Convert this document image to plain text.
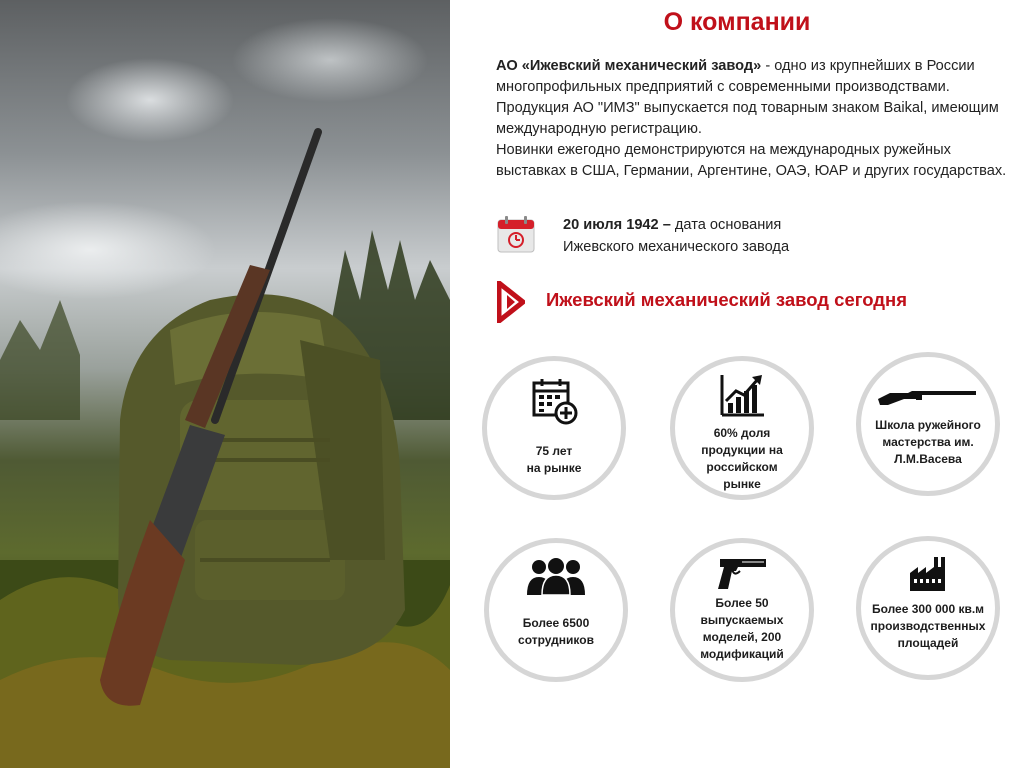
О компании

АО «Ижевский механический завод» - одно из крупнейших в России многопрофильных предприятий с современными производствами.

Продукция АО "ИМЗ" выпускается под товарным знаком Baikal, имеющим международную регистрацию.

Новинки ежегодно демонстрируются на международных ружейных выставках в США, Германии, Аргентине, ОАЭ, ЮАР и других государствах.

20 июля 1942 – дата основания
Ижевского механического завода

Ижевский механический завод сегодня

75 лет
на рынке

60% доля
продукции на
российском
рынке

Школа ружейного
мастерства им.
Л.М.Васева

Более 6500
сотрудников

Более 50
выпускаемых
моделей, 200
модификаций

Более 300 000 кв.м
производственных
площадей
